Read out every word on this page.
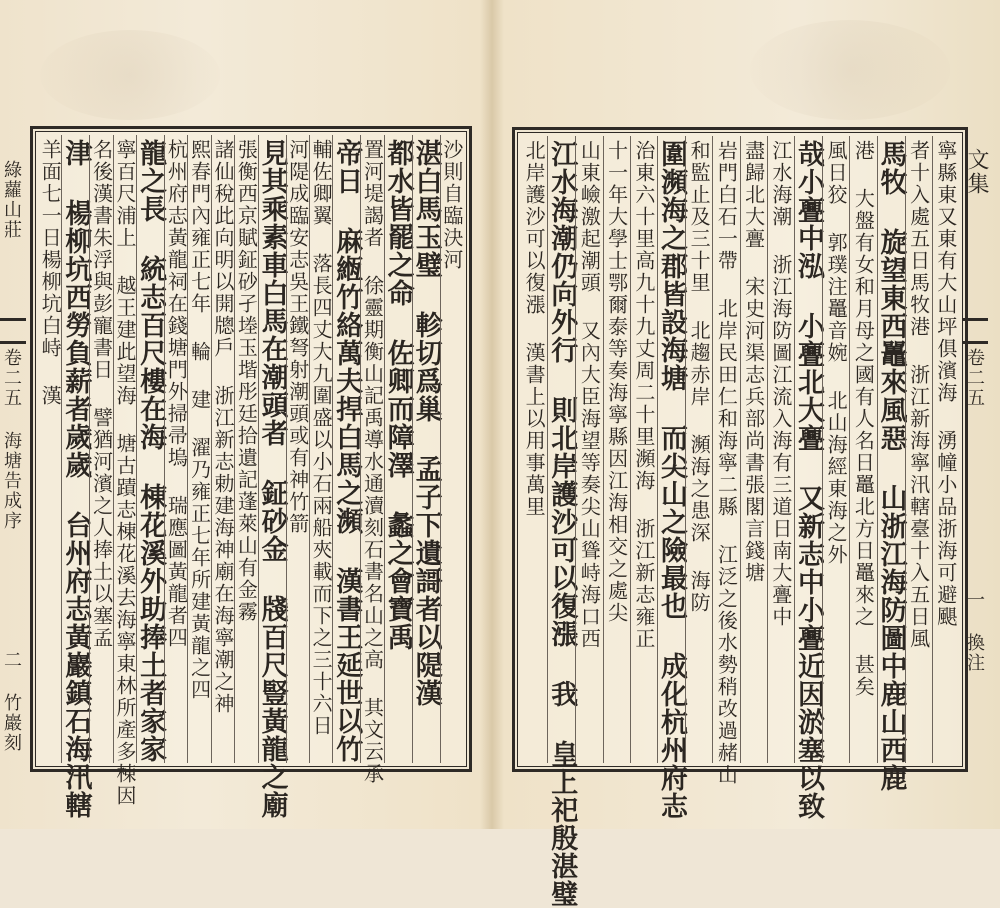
綠蘿山莊
卷二五 海塘告成序
二 竹巖刻
沙則自臨決河
湛白馬玉璧 軫切爲巢 孟子下遺謌者以隄漢
都水皆罷之命 佐卿而障澤 蠡之會寶禹
置河堤謁者 徐靈期衡山記禹導水通瀆刻石書名山之高 其文云承
帝日 麻緪竹絡萬夫捍白馬之瀕 漢書王延世以竹
輔佐卿翼 落長四丈大九圍盛以小石兩船夾載而下之三十六日
河隄成臨安志吳王鐵弩射潮頭或有神竹箭
見其乘素車白馬在潮頭者 鉦砂金 牋百尺豎黃龍之廟
張衡西京賦鉦砂孑堘玉堦彤廷拾遺記蓬萊山有金霧
諸仙稅此向明以開牕戶 浙江新志勅建海神廟在海寧潮之神
熙春門內雍正七年 輪 建 濯乃雍正七年所建黃龍之四
杭州府志黃龍祠在錢塘門外掃帚塢 瑞應圖黃龍者四
龍之長 統志百尺樓在海 棟花溪外助捧土者家家
寧百尺浦上 越王建此望海 塘古蹟志棟花溪去海寧東林所產多棟因
名後漢書朱浮與彭寵書日 譬猶河濱之人捧土以塞孟
津 楊柳坑西勞負薪者歲歲 台州府志黃巖鎮石海汛轄
羊面七一日楊柳坑白峙 漢	寧縣東又東有大山坪俱濱海 湧幢小品浙海可避颶
者十入處五日馬牧港 浙江新海寧汛轄臺十入五日風
馬牧 旋望東西鼉來風惡 山浙江海防圖中鹿山西鹿
港 大盤有女和月母之國有人名日鼉北方日鼉來之 甚矣
風日狡 郭璞注鼉音婉 北山海經東海之外
哉小亹中泓 小亹北大亹 又新志中小亹近因淤塞以致
江水海潮 浙江海防圖江流入海有三道日南大亹中
盡歸北大亹 宋史河渠志兵部尚書張閣言錢塘
岩門白石一帶 北岸民田仁和海寧二縣 江泛之後水勢稍改過赭山
和監止及三十里 北趨赤岸 瀕海之患深 海防
圍瀕海之郡皆設海塘 而尖山之險最也 成化杭州府志
治東六十里高九十九丈周二十里瀕海 浙江新志雍正
十一年大學士鄂爾泰等奏海寧縣因江海相交之處尖
山東嶮激起潮頭 又內大臣海望等奏尖山聳峙海口西
江水海潮仍向外行 則北岸護沙可以復漲 我 皇上祀殷湛璧
北岸護沙可以復漲 漢書上以用事萬里	文集
卷二五
一 換注
